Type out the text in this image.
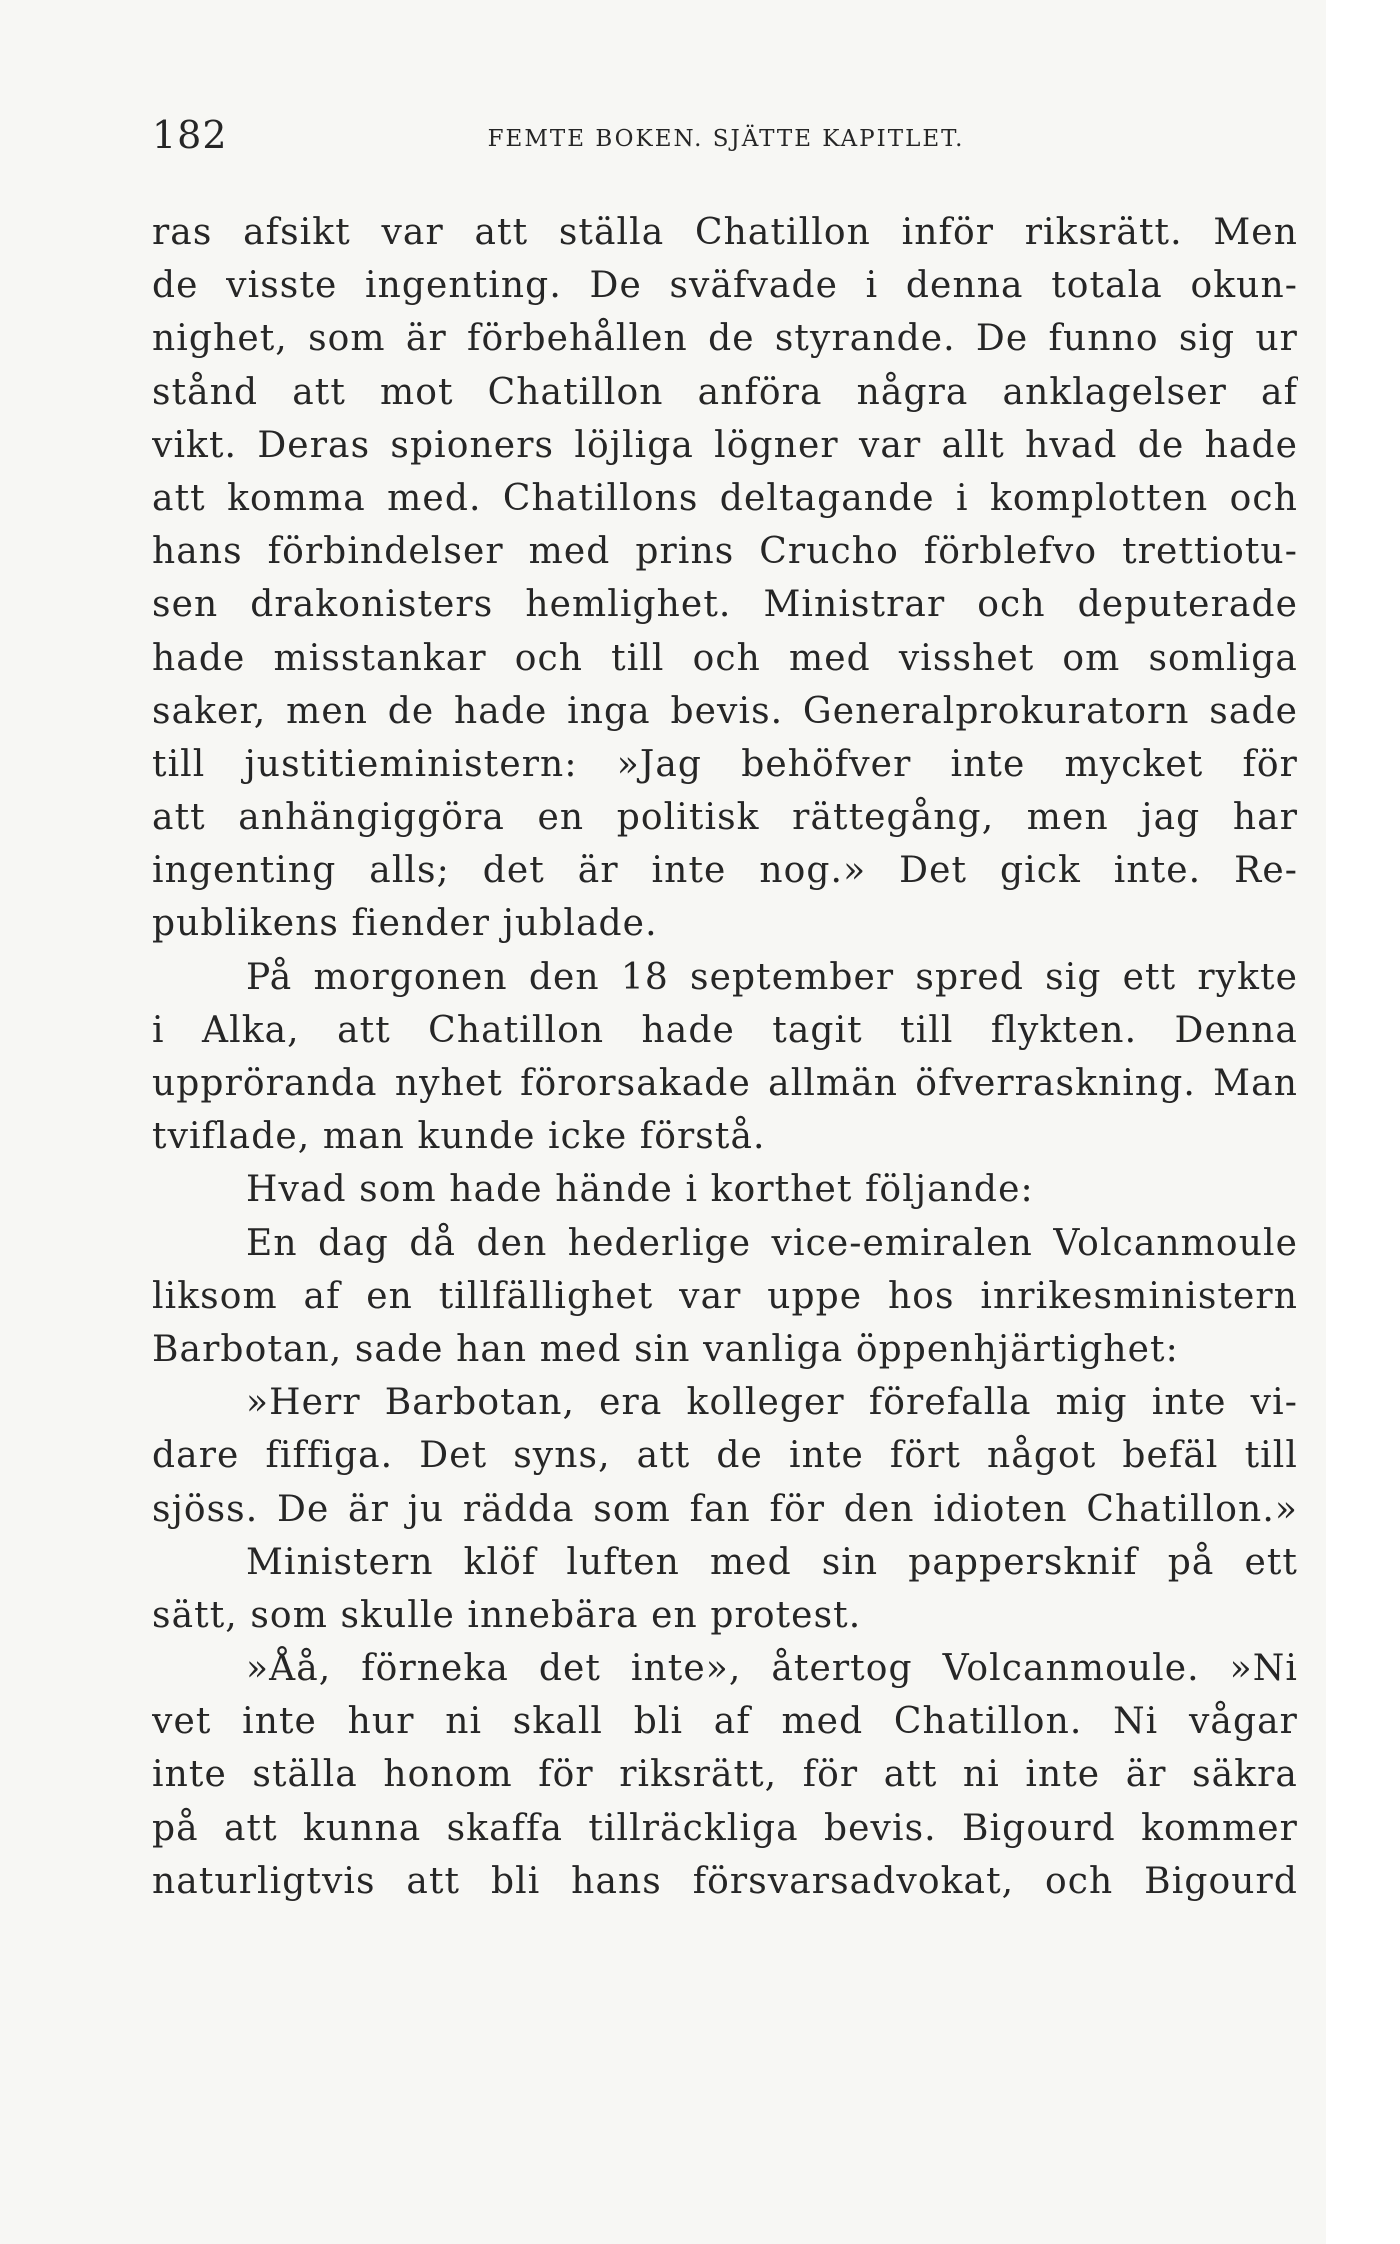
182	FEMTE BOKEN. SJÄTTE KAPITLET.
ras afsikt var att ställa Chatillon inför riksrätt. Men
de visste ingenting. De sväfvade i denna totala okun-
nighet, som är förbehållen de styrande. De funno sig ur
stånd att mot Chatillon anföra några anklagelser af
vikt. Deras spioners löjliga lögner var allt hvad de hade
att komma med. Chatillons deltagande i komplotten och
hans förbindelser med prins Crucho förblefvo trettiotu-
sen drakonisters hemlighet. Ministrar och deputerade
hade misstankar och till och med visshet om somliga
saker, men de hade inga bevis. Generalprokuratorn sade
till justitieministern: »Jag behöfver inte mycket för
att anhängiggöra en politisk rättegång, men jag har
ingenting alls; det är inte nog.» Det gick inte. Re-
publikens fiender jublade.
På morgonen den 18 september spred sig ett rykte
i Alka, att Chatillon hade tagit till flykten. Denna
uppröranda nyhet förorsakade allmän öfverraskning. Man
tviflade, man kunde icke förstå.
Hvad som hade hände i korthet följande:
En dag då den hederlige vice-emiralen Volcanmoule
liksom af en tillfällighet var uppe hos inrikesministern
Barbotan, sade han med sin vanliga öppenhjärtighet:
»Herr Barbotan, era kolleger förefalla mig inte vi-
dare fiffiga. Det syns, att de inte fört något befäl till
sjöss. De är ju rädda som fan för den idioten Chatillon.»
Ministern klöf luften med sin pappersknif på ett
sätt, som skulle innebära en protest.
»Åå, förneka det inte», återtog Volcanmoule. »Ni
vet inte hur ni skall bli af med Chatillon. Ni vågar
inte ställa honom för riksrätt, för att ni inte är säkra
på att kunna skaffa tillräckliga bevis. Bigourd kommer
naturligtvis att bli hans försvarsadvokat, och Bigourd
